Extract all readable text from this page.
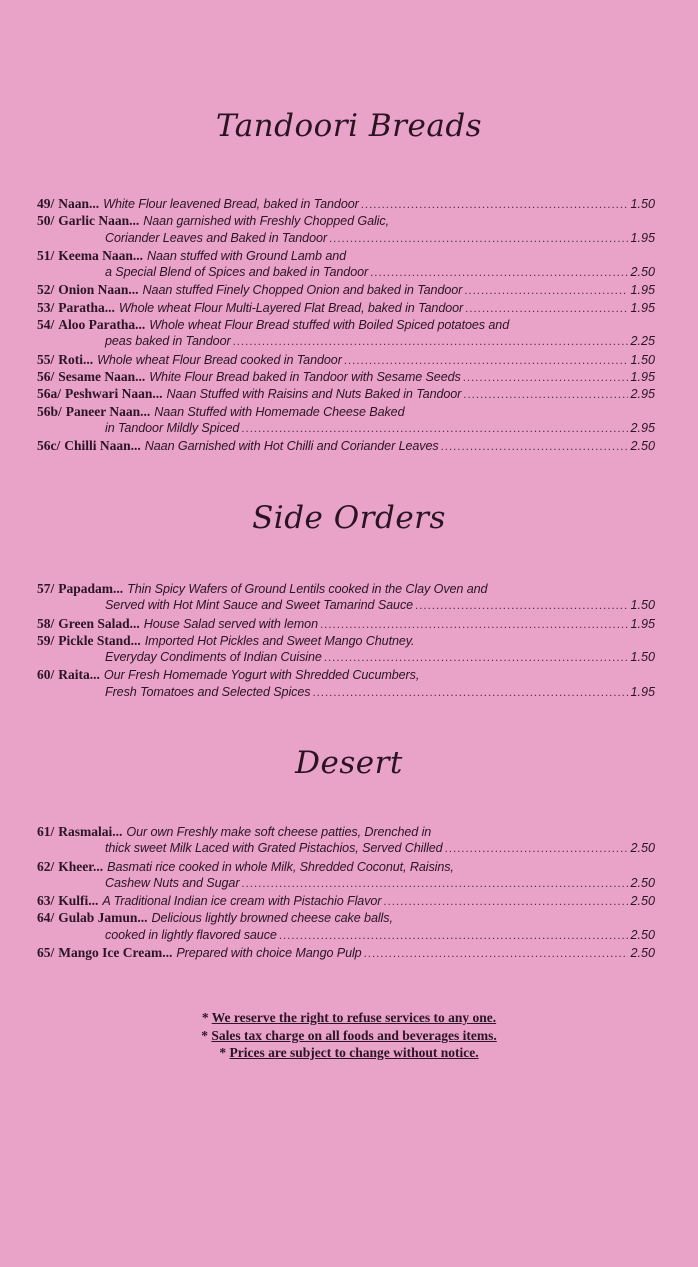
Tandoori Breads
49/ Naan... White Flour leavened Bread, baked in Tandoor .....	1.50
50/ Garlic Naan... Naan garnished with Freshly Chopped Galic,
Coriander Leaves and Baked in Tandoor .....	1.95
51/ Keema Naan... Naan stuffed with Ground Lamb and
a Special Blend of Spices and baked in Tandoor .....	2.50
52/ Onion Naan... Naan stuffed Finely Chopped Onion and baked in Tandoor .....	1.95
53/ Paratha... Whole wheat Flour Multi-Layered Flat Bread, baked in Tandoor .....	1.95
54/ Aloo Paratha... Whole wheat Flour Bread stuffed with Boiled Spiced potatoes and
peas baked in Tandoor .....	2.25
55/ Roti... Whole wheat Flour Bread cooked in Tandoor .....	1.50
56/ Sesame Naan... White Flour Bread baked in Tandoor with Sesame Seeds .....	1.95
56a/ Peshwari Naan... Naan Stuffed with Raisins and Nuts Baked in Tandoor .....	2.95
56b/ Paneer Naan... Naan Stuffed with Homemade Cheese Baked
in Tandoor Mildly Spiced .....	2.95
56c/ Chilli Naan... Naan Garnished with Hot Chilli and Coriander Leaves .....	2.50
Side Orders
57/ Papadam... Thin Spicy Wafers of Ground Lentils cooked in the Clay Oven and
Served with Hot Mint Sauce and Sweet Tamarind Sauce .....	1.50
58/ Green Salad... House Salad served with lemon .....	1.95
59/ Pickle Stand... Imported Hot Pickles and Sweet Mango Chutney.
Everyday Condiments of Indian Cuisine .....	1.50
60/ Raita... Our Fresh Homemade Yogurt with Shredded Cucumbers,
Fresh Tomatoes and Selected Spices .....	1.95
Desert
61/ Rasmalai... Our own Freshly make soft cheese patties, Drenched in
thick sweet Milk Laced with Grated Pistachios, Served Chilled .....	2.50
62/ Kheer... Basmati rice cooked in whole Milk, Shredded Coconut, Raisins,
Cashew Nuts and Sugar .....	2.50
63/ Kulfi... A Traditional Indian ice cream with Pistachio Flavor .....	2.50
64/ Gulab Jamun... Delicious lightly browned cheese cake balls,
cooked in lightly flavored sauce .....	2.50
65/ Mango Ice Cream... Prepared with choice Mango Pulp .....	2.50
* We reserve the right to refuse services to any one.
* Sales tax charge on all foods and beverages items.
* Prices are subject to change without notice.
